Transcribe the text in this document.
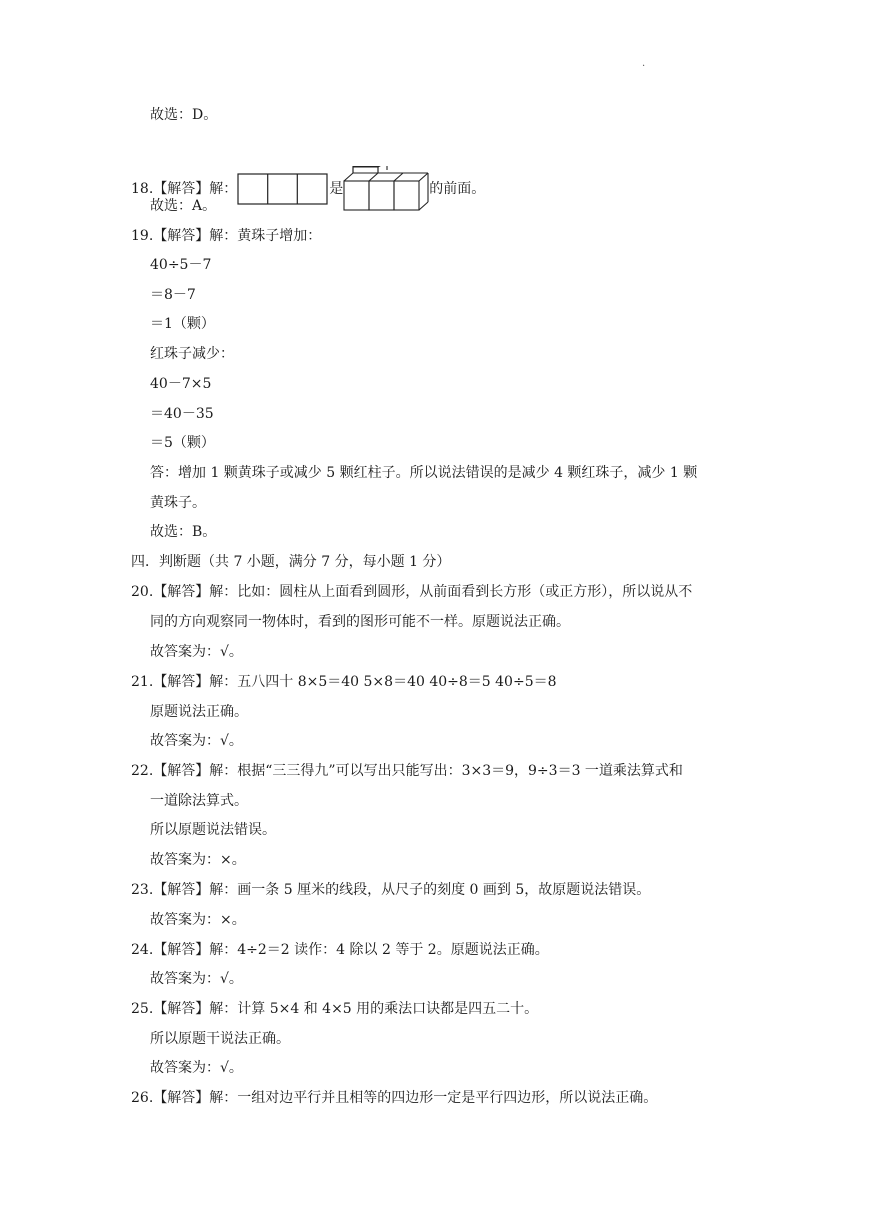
.
故选：D。
18.【解答】解：	是	的前面。
故选：A。
19.【解答】解：黄珠子增加：
40÷5－7
＝8－7
＝1（颗）
红珠子减少：
40－7×5
＝40－35
＝5（颗）
答：增加 1 颗黄珠子或减少 5 颗红柱子。所以说法错误的是减少 4 颗红珠子，减少 1 颗
黄珠子。
故选：B。
四．判断题（共 7 小题，满分 7 分，每小题 1 分）
20.【解答】解：比如：圆柱从上面看到圆形，从前面看到长方形（或正方形），所以说从不
同的方向观察同一物体时，看到的图形可能不一样。原题说法正确。
故答案为：√。
21.【解答】解：五八四十 8×5＝40 5×8＝40 40÷8＝5 40÷5＝8
原题说法正确。
故答案为：√。
22.【解答】解：根据“三三得九”可以写出只能写出：3×3＝9，9÷3＝3 一道乘法算式和
一道除法算式。
所以原题说法错误。
故答案为：×。
23.【解答】解：画一条 5 厘米的线段，从尺子的刻度 0 画到 5，故原题说法错误。
故答案为：×。
24.【解答】解：4÷2＝2 读作：4 除以 2 等于 2。原题说法正确。
故答案为：√。
25.【解答】解：计算 5×4 和 4×5 用的乘法口诀都是四五二十。
所以原题干说法正确。
故答案为：√。
26.【解答】解：一组对边平行并且相等的四边形一定是平行四边形，所以说法正确。
